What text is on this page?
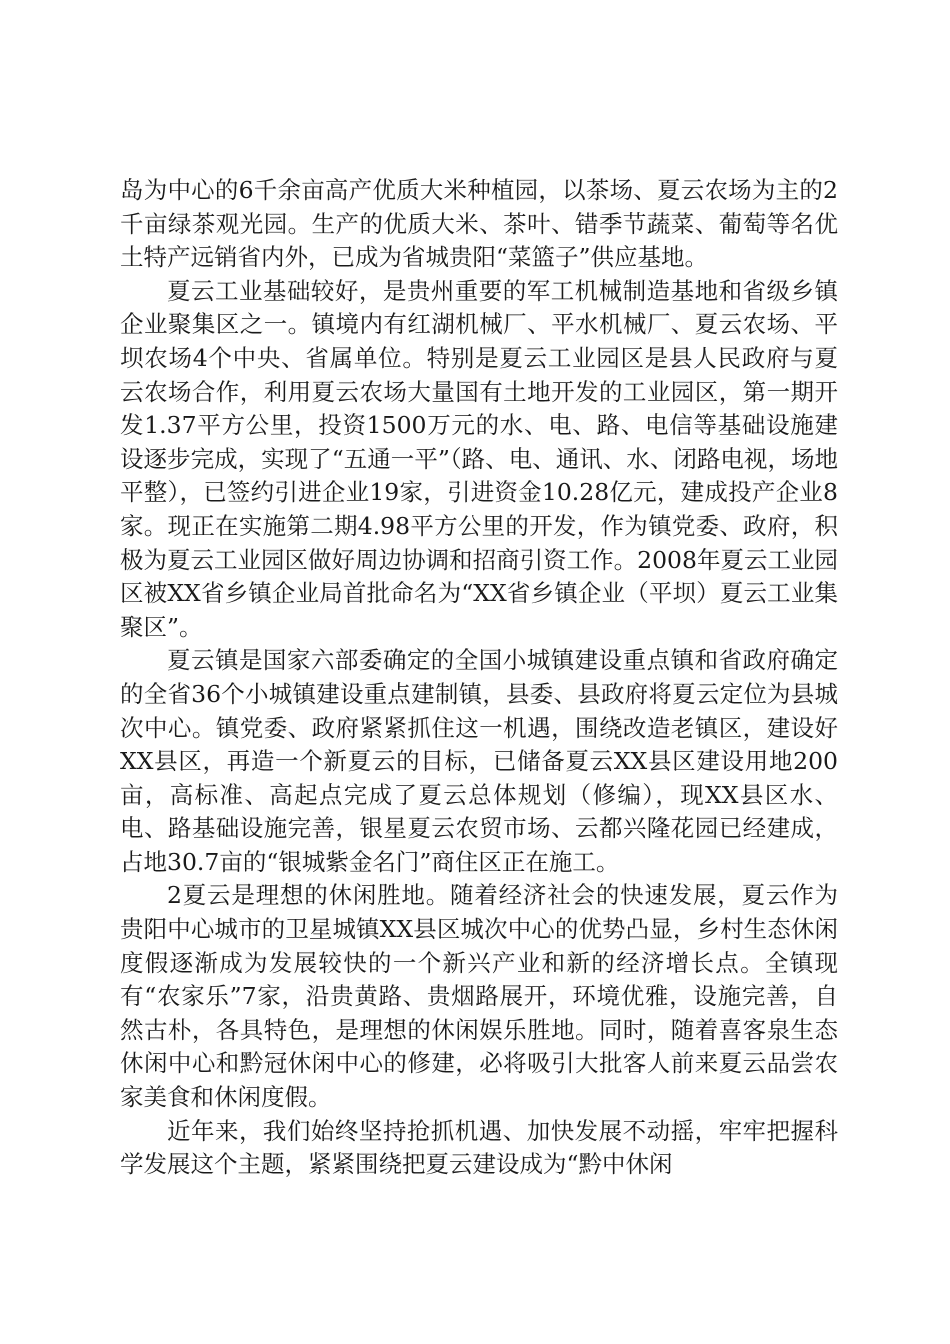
岛为中心的6千余亩高产优质大米种植园，以茶场、夏云农场为主的2千亩绿茶观光园。生产的优质大米、茶叶、错季节蔬菜、葡萄等名优土特产远销省内外，已成为省城贵阳“菜篮子”供应基地。

夏云工业基础较好，是贵州重要的军工机械制造基地和省级乡镇企业聚集区之一。镇境内有红湖机械厂、平水机械厂、夏云农场、平坝农场4个中央、省属单位。特别是夏云工业园区是县人民政府与夏云农场合作，利用夏云农场大量国有土地开发的工业园区，第一期开发1.37平方公里，投资1500万元的水、电、路、电信等基础设施建设逐步完成，实现了“五通一平”（路、电、通讯、水、闭路电视，场地平整），已签约引进企业19家，引进资金10.28亿元，建成投产企业8家。现正在实施第二期4.98平方公里的开发，作为镇党委、政府，积极为夏云工业园区做好周边协调和招商引资工作。2008年夏云工业园区被XX省乡镇企业局首批命名为“XX省乡镇企业（平坝）夏云工业集聚区”。

夏云镇是国家六部委确定的全国小城镇建设重点镇和省政府确定的全省36个小城镇建设重点建制镇，县委、县政府将夏云定位为县城次中心。镇党委、政府紧紧抓住这一机遇，围绕改造老镇区，建设好XX县区，再造一个新夏云的目标，已储备夏云XX县区建设用地200亩，高标准、高起点完成了夏云总体规划（修编），现XX县区水、电、路基础设施完善，银星夏云农贸市场、云都兴隆花园已经建成，占地30.7亩的“银城紫金名门”商住区正在施工。

2夏云是理想的休闲胜地。随着经济社会的快速发展，夏云作为贵阳中心城市的卫星城镇XX县区城次中心的优势凸显，乡村生态休闲度假逐渐成为发展较快的一个新兴产业和新的经济增长点。全镇现有“农家乐”7家，沿贵黄路、贵烟路展开，环境优雅，设施完善，自然古朴，各具特色，是理想的休闲娱乐胜地。同时，随着喜客泉生态休闲中心和黔冠休闲中心的修建，必将吸引大批客人前来夏云品尝农家美食和休闲度假。

近年来，我们始终坚持抢抓机遇、加快发展不动摇，牢牢把握科学发展这个主题，紧紧围绕把夏云建设成为“黔中休闲
